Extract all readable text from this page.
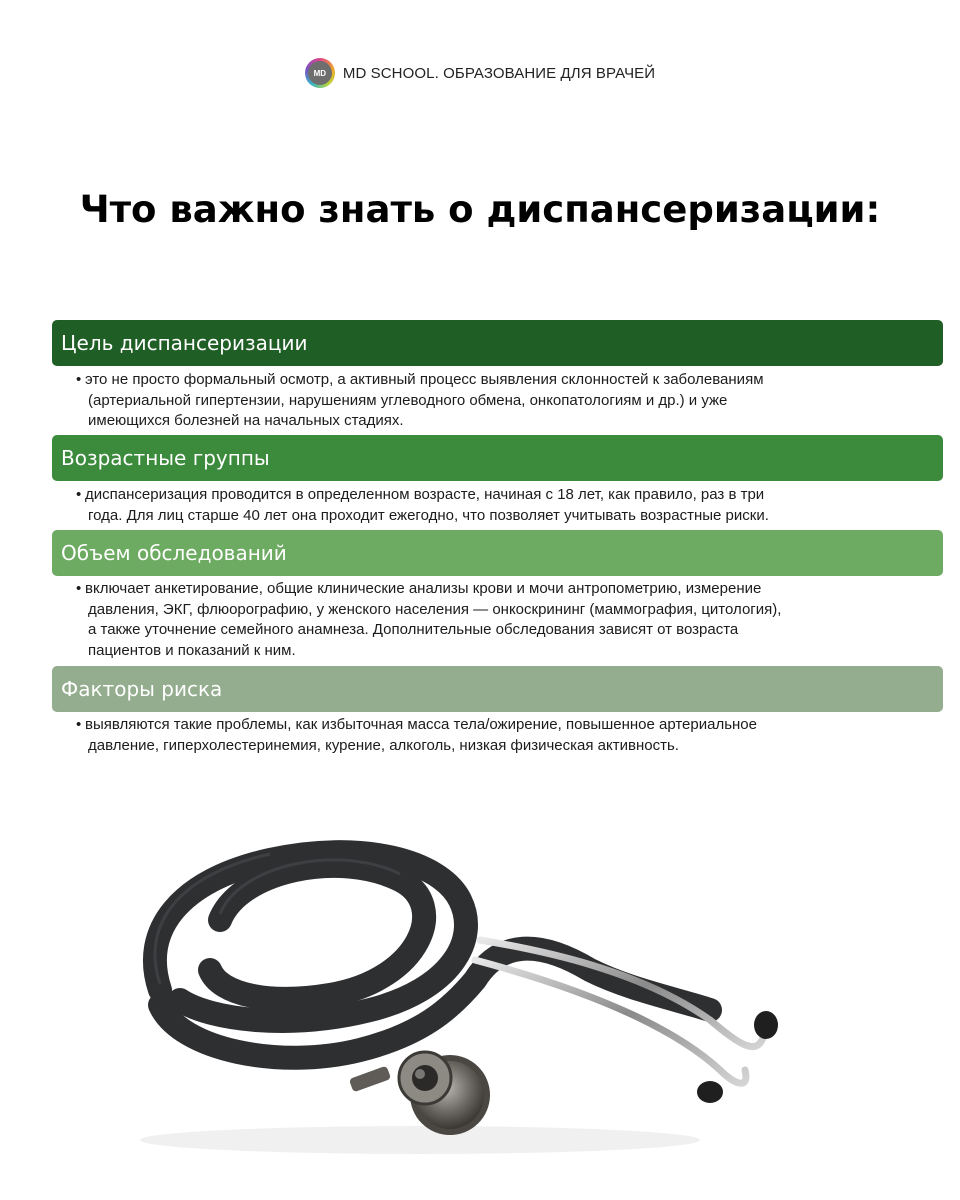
MD	MD SCHOOL. ОБРАЗОВАНИЕ ДЛЯ ВРАЧЕЙ
Что важно знать о диспансеризации:
Цель диспансеризации

• это не просто формальный осмотр, а активный процесс выявления склонностей к заболеваниям
(артериальной гипертензии, нарушениям углеводного обмена, онкопатологиям и др.) и уже
имеющихся болезней на начальных стадиях.

Возрастные группы

• диспансеризация проводится в определенном возрасте, начиная с 18 лет, как правило, раз в три
года. Для лиц старше 40 лет она проходит ежегодно, что позволяет учитывать возрастные риски.

Объем обследований

• включает анкетирование, общие клинические анализы крови и мочи антропометрию, измерение
давления, ЭКГ, флюорографию, у женского населения — онкоскрининг (маммография, цитология),
а также уточнение семейного анамнеза. Дополнительные обследования зависят от возраста
пациентов и показаний к ним.

Факторы риска

• выявляются такие проблемы, как избыточная масса тела/ожирение, повышенное артериальное
давление, гиперхолестеринемия, курение, алкоголь, низкая физическая активность.
